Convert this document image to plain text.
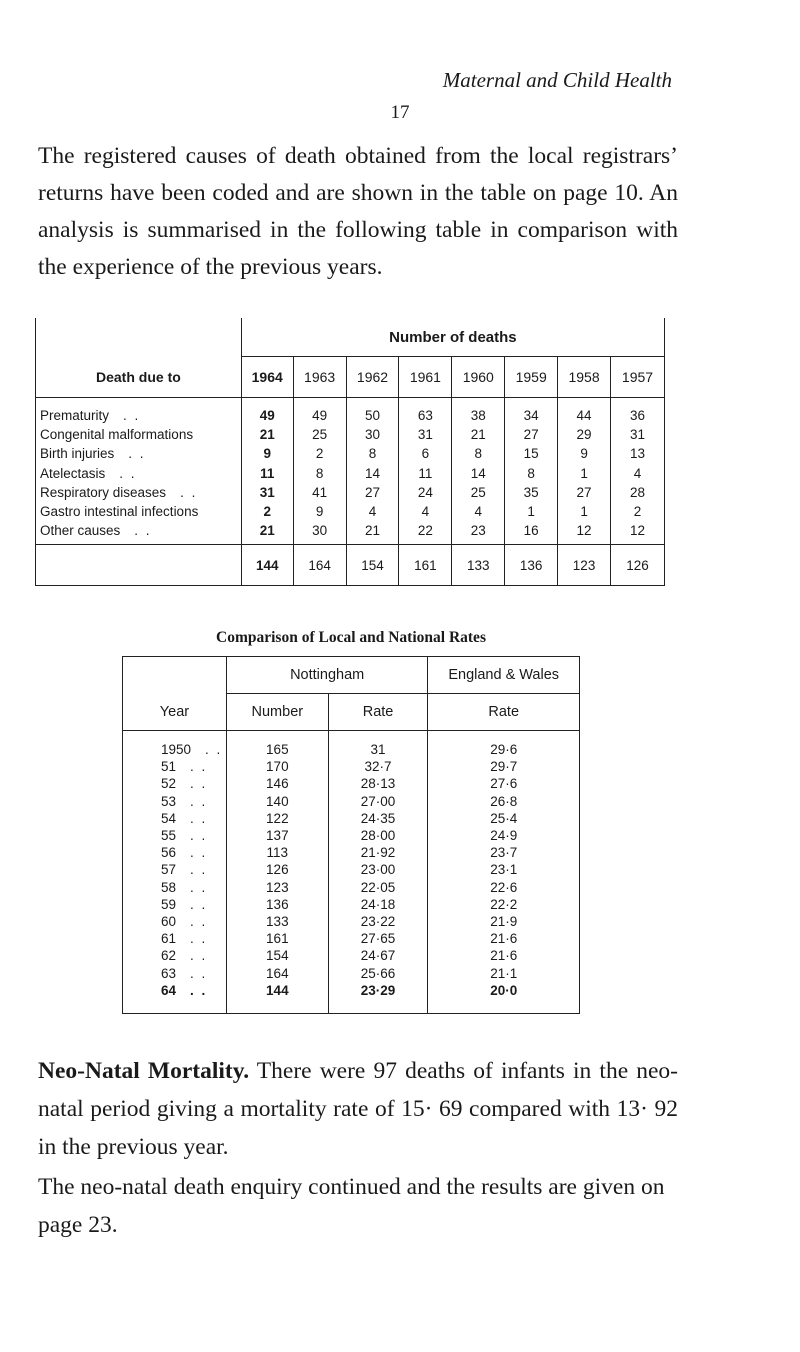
Maternal and Child Health
17

The registered causes of death obtained from the local registrars’ returns have been coded and are shown in the table on page 10. An analysis is summarised in the following table in comparison with the experience of the previous years.

	Number of deaths							
Death due to	1964	1963	1962	1961	1960	1959	1958	1957
Prematurity . .	49	49	50	63	38	34	44	36
Congenital malformations	21	25	30	31	21	27	29	31
Birth injuries . .	9	2	8	6	8	15	9	13
Atelectasis . .	11	8	14	11	14	8	1	4
Respiratory diseases . .	31	41	27	24	25	35	27	28
Gastro intestinal infections	2	9	4	4	4	1	1	2
Other causes . .	21	30	21	22	23	16	12	12
	144	164	154	161	133	136	123	126
Comparison of Local and National Rates
	Nottingham		England & Wales
Year	Number	Rate	Rate
1950 . .	165	31	29·6
51 . .	170	32·7	29·7
52 . .	146	28·13	27·6
53 . .	140	27·00	26·8
54 . .	122	24·35	25·4
55 . .	137	28·00	24·9
56 . .	113	21·92	23·7
57 . .	126	23·00	23·1
58 . .	123	22·05	22·6
59 . .	136	24·18	22·2
60 . .	133	23·22	21·9
61 . .	161	27·65	21·6
62 . .	154	24·67	21·6
63 . .	164	25·66	21·1
64 . .	144	23·29	20·0

Neo-Natal Mortality. There were 97 deaths of infants in the neo-natal period giving a mortality rate of 15· 69 compared with 13· 92 in the previous year.

The neo-natal death enquiry continued and the results are given on page 23.
